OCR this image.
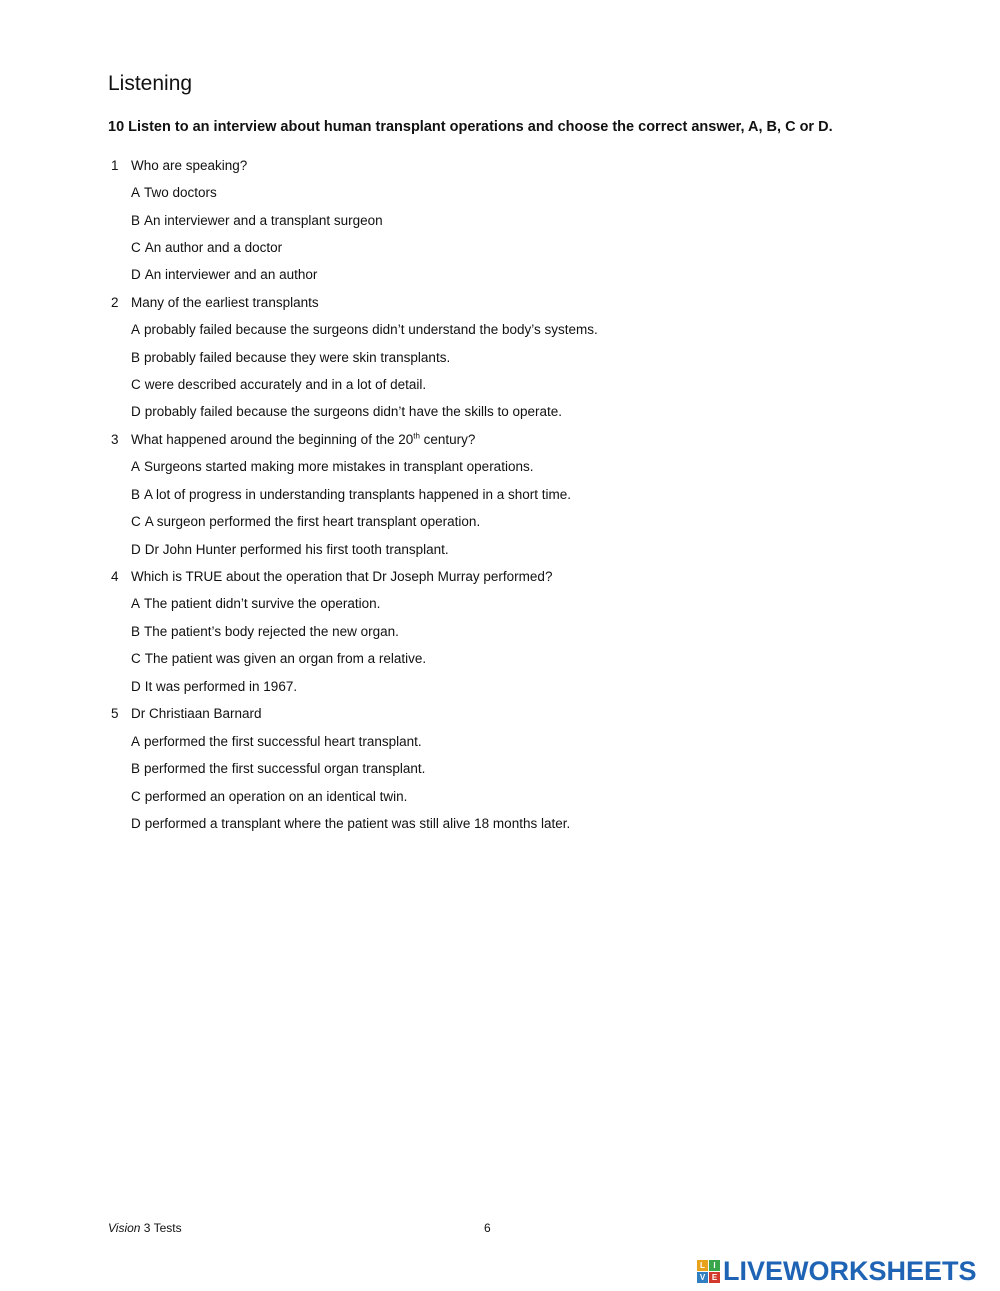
Listening

10 Listen to an interview about human transplant operations and choose the correct answer, A, B, C or D.

1 Who are speaking?
A Two doctors
B An interviewer and a transplant surgeon
C An author and a doctor
D An interviewer and an author
2 Many of the earliest transplants
A probably failed because the surgeons didn’t understand the body’s systems.
B probably failed because they were skin transplants.
C were described accurately and in a lot of detail.
D probably failed because the surgeons didn’t have the skills to operate.
3 What happened around the beginning of the 20th century?
A Surgeons started making more mistakes in transplant operations.
B A lot of progress in understanding transplants happened in a short time.
C A surgeon performed the first heart transplant operation.
D Dr John Hunter performed his first tooth transplant.
4 Which is TRUE about the operation that Dr Joseph Murray performed?
A The patient didn’t survive the operation.
B The patient’s body rejected the new organ.
C The patient was given an organ from a relative.
D It was performed in 1967.
5 Dr Christiaan Barnard
A performed the first successful heart transplant.
B performed the first successful organ transplant.
C performed an operation on an identical twin.
D performed a transplant where the patient was still alive 18 months later.
Vision 3 Tests	6
L	I
V E LIVEWORKSHEETS
